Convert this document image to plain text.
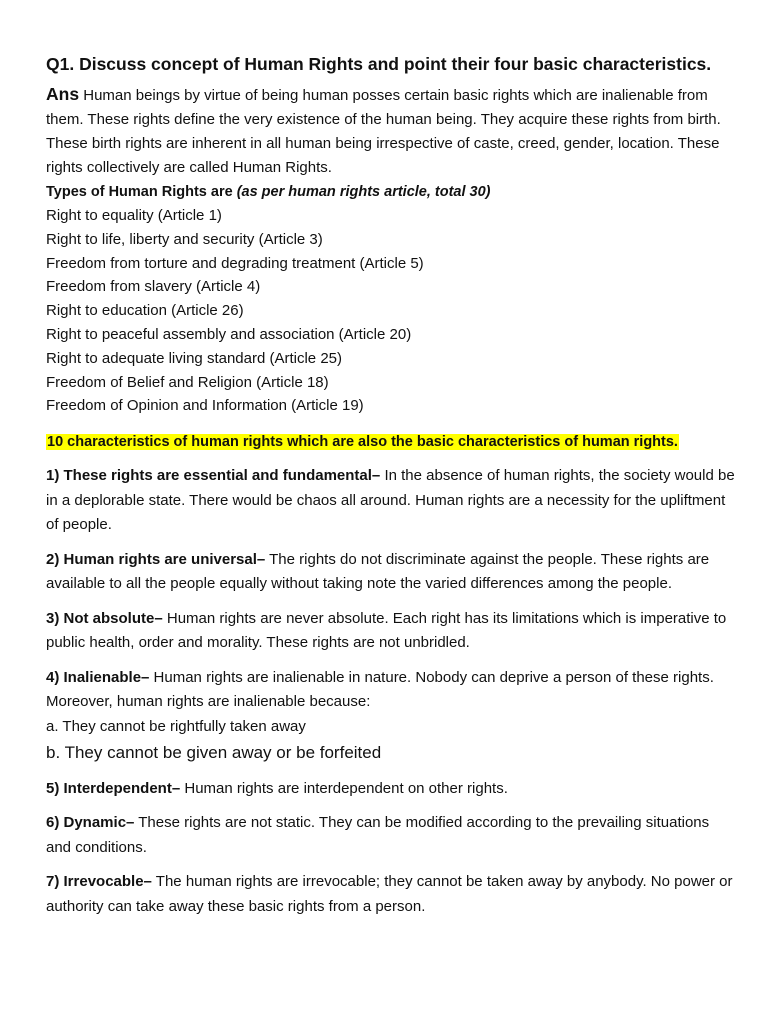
Q1. Discuss concept of Human Rights and point their four basic characteristics.

Ans Human beings by virtue of being human posses certain basic rights which are inalienable from them. These rights define the very existence of the human being. They acquire these rights from birth. These birth rights are inherent in all human being irrespective of caste, creed, gender, location. These rights collectively are called Human Rights.

Types of Human Rights are (as per human rights article, total 30)

Right to equality (Article 1)
Right to life, liberty and security (Article 3)
Freedom from torture and degrading treatment (Article 5)
Freedom from slavery (Article 4)
Right to education (Article 26)
Right to peaceful assembly and association (Article 20)
Right to adequate living standard (Article 25)
Freedom of Belief and Religion (Article 18)
Freedom of Opinion and Information (Article 19)

10 characteristics of human rights which are also the basic characteristics of human rights.

1) These rights are essential and fundamental– In the absence of human rights, the society would be in a deplorable state. There would be chaos all around. Human rights are a necessity for the upliftment of people.

2) Human rights are universal– The rights do not discriminate against the people. These rights are available to all the people equally without taking note the varied differences among the people.

3) Not absolute– Human rights are never absolute. Each right has its limitations which is imperative to public health, order and morality. These rights are not unbridled.

4) Inalienable– Human rights are inalienable in nature. Nobody can deprive a person of these rights. Moreover, human rights are inalienable because:

a. They cannot be rightfully taken away

b. They cannot be given away or be forfeited

5) Interdependent– Human rights are interdependent on other rights.

6) Dynamic– These rights are not static. They can be modified according to the prevailing situations and conditions.

7) Irrevocable– The human rights are irrevocable; they cannot be taken away by anybody. No power or authority can take away these basic rights from a person.
